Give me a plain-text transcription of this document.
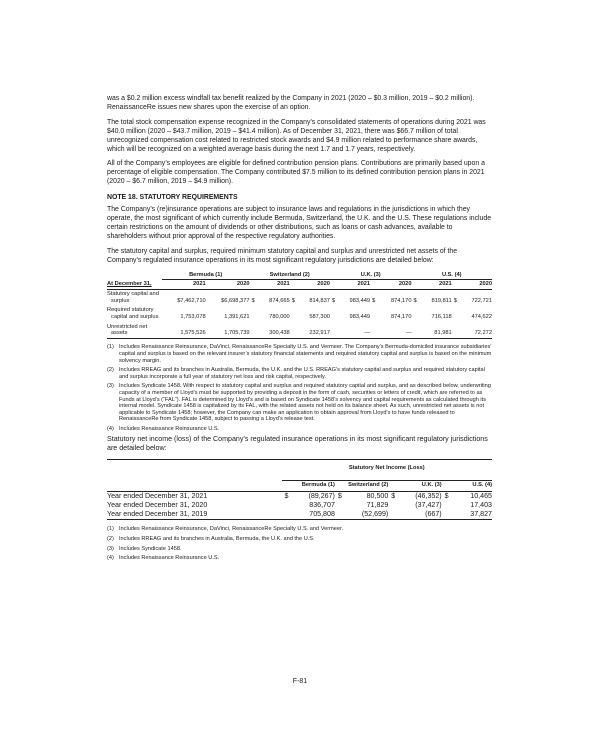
was a $0.2 million excess windfall tax benefit realized by the Company in 2021 (2020 – $0.3 million, 2019 – $0.2 million). RenaissanceRe issues new shares upon the exercise of an option.

The total stock compensation expense recognized in the Company’s consolidated statements of operations during 2021 was $40.0 million (2020 – $43.7 million, 2019 – $41.4 million). As of December 31, 2021, there was $66.7 million of total unrecognized compensation cost related to restricted stock awards and $4.9 million related to performance share awards, which will be recognized on a weighted average basis during the next 1.7 and 1.7 years, respectively.

All of the Company’s employees are eligible for defined contribution pension plans. Contributions are primarily based upon a percentage of eligible compensation. The Company contributed $7.5 million to its defined contribution pension plans in 2021 (2020 – $6.7 million, 2019 – $4.9 million).

NOTE 18. STATUTORY REQUIREMENTS

The Company’s (re)insurance operations are subject to insurance laws and regulations in the jurisdictions in which they operate, the most significant of which currently include Bermuda, Switzerland, the U.K. and the U.S. These regulations include certain restrictions on the amount of dividends or other distributions, such as loans or cash advances, available to shareholders without prior approval of the respective regulatory authorities.

The statutory capital and surplus, required minimum statutory capital and surplus and unrestricted net assets of the Company’s regulated insurance operations in its most significant regulatory jurisdictions are detailed below:

	Bermuda (1)		Switzerland (2)				U.K. (3)				U.S. (4)			
At December 31,	2021	2020		2021		2020		2021		2020		2021		2020
Statutory capital and
surplus	$7,462,710	$6,698,377	$	874,665	$	814,837	$	983,449	$	874,170	$	819,811	$	722,721
Required statutory
capital and surplus	1,753,078	1,391,621		780,000		587,300		983,449		874,170		716,118		474,622
Unrestricted net
assets	1,575,526	1,705,739		300,438		232,917		—		—		81,981		72,272
(1) Includes Renaissance Reinsurance, DaVinci, RenaissanceRe Specialty U.S. and Vermeer. The Company’s Bermuda-domiciled insurance subsidiaries’ capital and surplus is based on the relevant insurer’s statutory financial statements and required statutory capital and surplus is based on the minimum solvency margin.
(2) Includes RREAG and its branches in Australia, Bermuda, the U.K. and the U.S. RREAG’s statutory capital and surplus and required statutory capital and surplus incorporate a full year of statutory net loss and risk capital, respectively.
(3) Includes Syndicate 1458. With respect to statutory capital and surplus and required statutory capital and surplus, and as described below, underwriting capacity of a member of Lloyd’s must be supported by providing a deposit in the form of cash, securities or letters of credit, which are referred to as Funds at Lloyd’s (“FAL”). FAL is determined by Lloyd’s and is based on Syndicate 1458’s solvency and capital requirements as calculated through its internal model. Syndicate 1458 is capitalized by its FAL, with the related assets not held on its balance sheet. As such, unrestricted net assets is not applicable to Syndicate 1458; however, the Company can make an application to obtain approval from Lloyd’s to have funds released to RenaissanceRe from Syndicate 1458, subject to passing a Lloyd’s release test.
(4) Includes Renaissance Reinsurance U.S.

Statutory net income (loss) of the Company’s regulated insurance operations in its most significant regulatory jurisdictions are detailed below:

	Statutory Net Income (Loss)							
	Bermuda (1)		Switzerland (2)		U.K. (3)		U.S. (4)	
Year ended December 31, 2021	$	(89,267)	$	80,500	$	(46,352)	$	10,465
Year ended December 31, 2020		836,707		71,829		(37,427)		17,403
Year ended December 31, 2019		705,808		(52,699)		(667)		37,827
(1) Includes Renaissance Reinsurance, DaVinci, RenaissanceRe Specialty U.S. and Vermeer.
(2) Includes RREAG and its branches in Australia, Bermuda, the U.K. and the U.S.
(3) Includes Syndicate 1458.
(4) Includes Renaissance Reinsurance U.S.
F-81
